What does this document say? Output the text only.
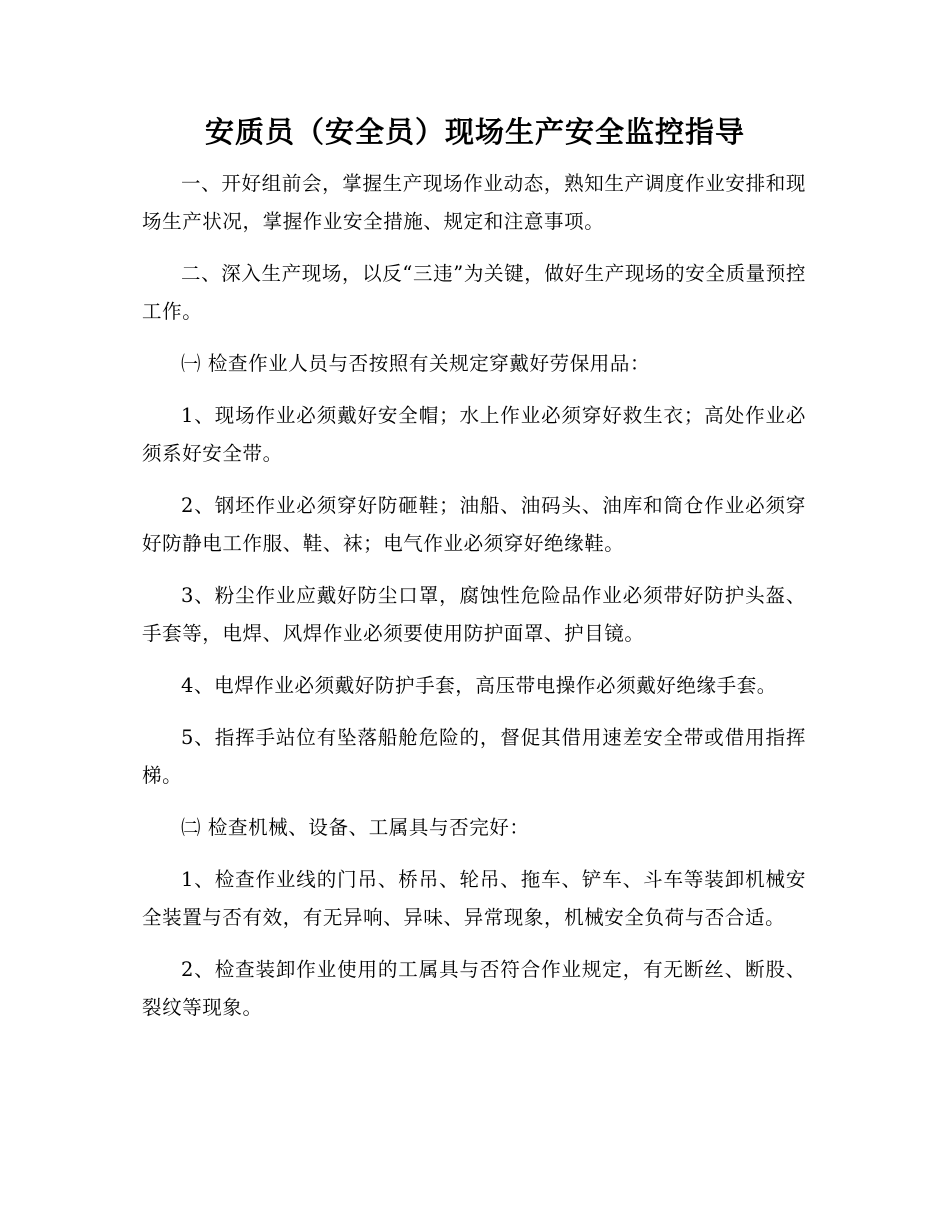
安质员（安全员）现场生产安全监控指导

一、开好组前会，掌握生产现场作业动态，熟知生产调度作业安排和现场生产状况，掌握作业安全措施、规定和注意事项。

二、深入生产现场，以反“三违”为关键，做好生产现场的安全质量预控工作。

㈠ 检查作业人员与否按照有关规定穿戴好劳保用品：

1、现场作业必须戴好安全帽；水上作业必须穿好救生衣；高处作业必须系好安全带。

2、钢坯作业必须穿好防砸鞋；油船、油码头、油库和筒仓作业必须穿好防静电工作服、鞋、袜；电气作业必须穿好绝缘鞋。

3、粉尘作业应戴好防尘口罩，腐蚀性危险品作业必须带好防护头盔、手套等，电焊、风焊作业必须要使用防护面罩、护目镜。

4、电焊作业必须戴好防护手套，高压带电操作必须戴好绝缘手套。

5、指挥手站位有坠落船舱危险的，督促其借用速差安全带或借用指挥梯。

㈡ 检查机械、设备、工属具与否完好：

1、检查作业线的门吊、桥吊、轮吊、拖车、铲车、斗车等装卸机械安全装置与否有效，有无异响、异味、异常现象，机械安全负荷与否合适。

2、检查装卸作业使用的工属具与否符合作业规定，有无断丝、断股、裂纹等现象。
